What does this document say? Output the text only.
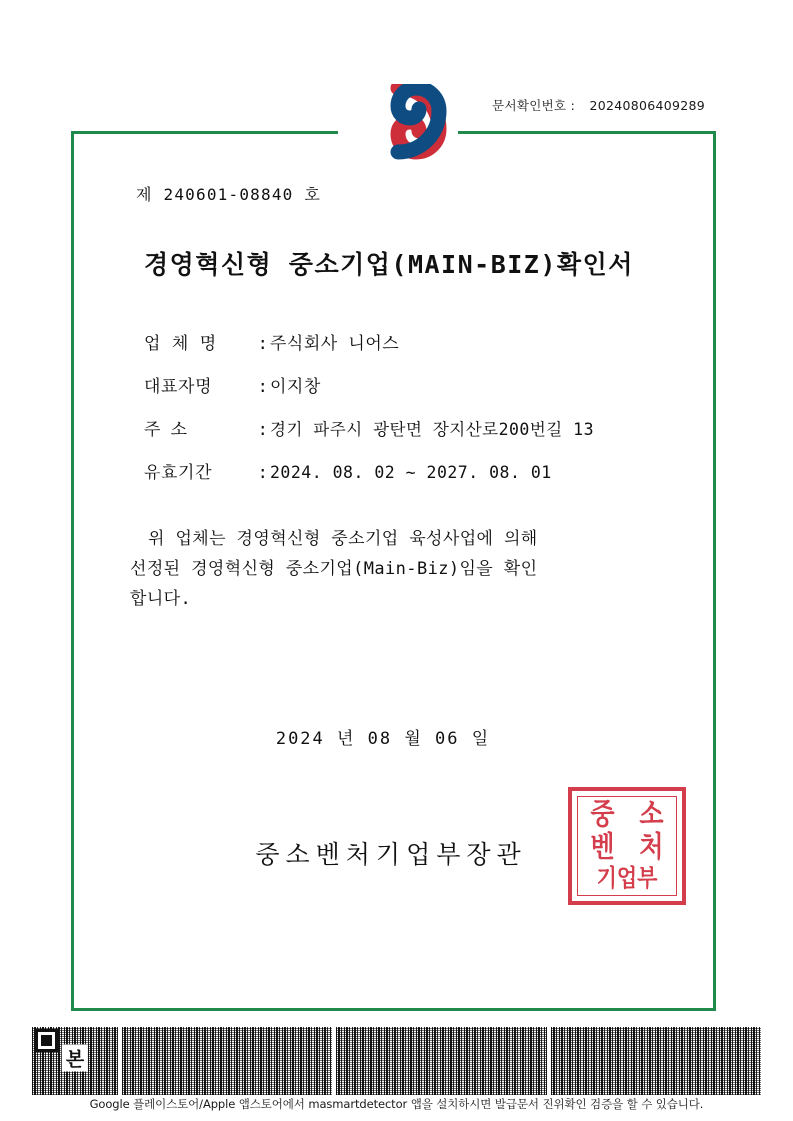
문서확인번호 : 20240806409289
제 240601-08840 호
경영혁신형 중소기업(MAIN-BIZ)확인서
업 체 명	: 주식회사 니어스
대표자명	: 이지창
주 소	: 경기 파주시 광탄면 장지산로200번길 13
유효기간	: 2024. 08. 02 ~ 2027. 08. 01
위 업체는 경영혁신형 중소기업 육성사업에 의해
선정된 경영혁신형 중소기업(Main-Biz)임을 확인
합니다.
2024 년 08 월 06 일
중소벤처기업부장관
중 소
벤 처
기업부
본
Google 플레이스토어/Apple 앱스토어에서 masmartdetector 앱을 설치하시면 발급문서 진위확인 검증을 할 수 있습니다.
